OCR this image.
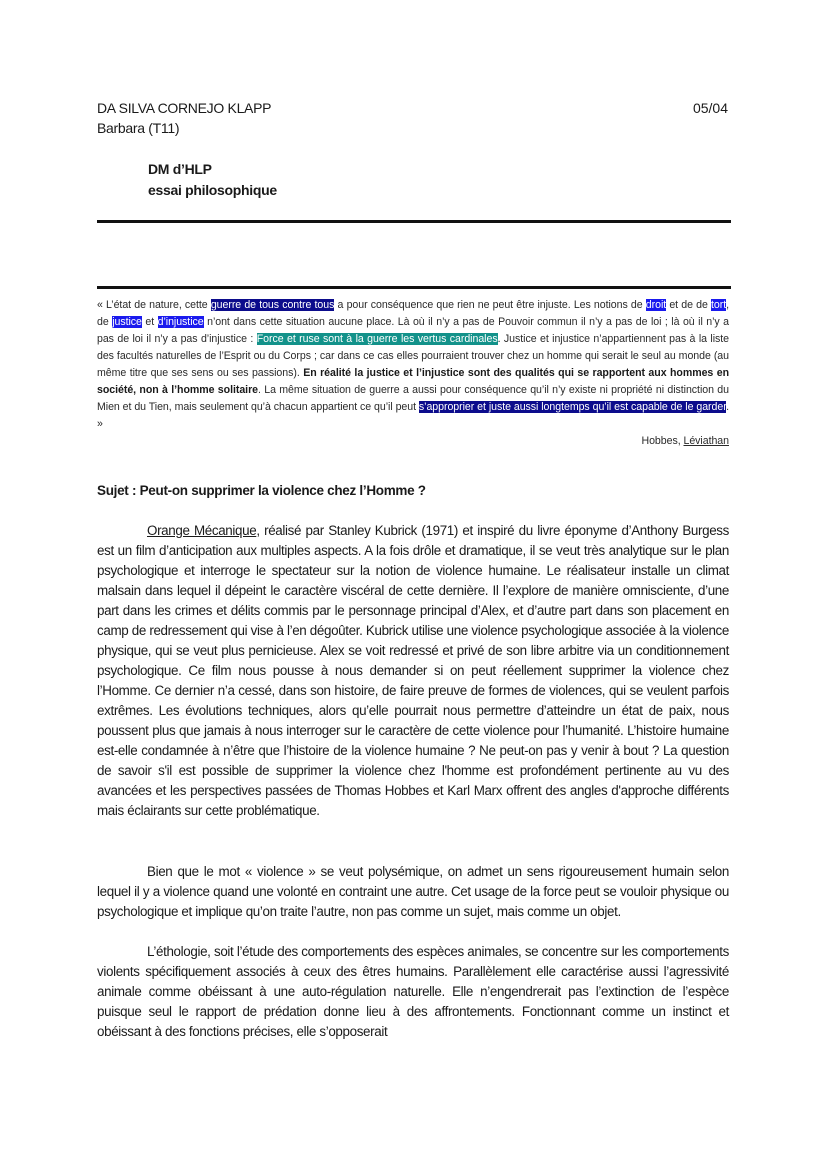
DA SILVA CORNEJO KLAPP
Barbara (T11)
05/04
DM d’HLP
essai philosophique
« L’état de nature, cette guerre de tous contre tous a pour conséquence que rien ne peut être injuste. Les notions de droit et de de tort, de justice et d’injustice n’ont dans cette situation aucune place. Là où il n’y a pas de Pouvoir commun il n’y a pas de loi ; là où il n’y a pas de loi il n’y a pas d’injustice : Force et ruse sont à la guerre les vertus cardinales. Justice et injustice n’appartiennent pas à la liste des facultés naturelles de l’Esprit ou du Corps ; car dans ce cas elles pourraient trouver chez un homme qui serait le seul au monde (au même titre que ses sens ou ses passions). En réalité la justice et l’injustice sont des qualités qui se rapportent aux hommes en société, non à l’homme solitaire. La même situation de guerre a aussi pour conséquence qu’il n’y existe ni propriété ni distinction du Mien et du Tien, mais seulement qu’à chacun appartient ce qu’il peut s’approprier et juste aussi longtemps qu’il est capable de le garder. »
Hobbes, Léviathan
Sujet : Peut-on supprimer la violence chez l’Homme ?

Orange Mécanique, réalisé par Stanley Kubrick (1971) et inspiré du livre éponyme d’Anthony Burgess est un film d’anticipation aux multiples aspects. A la fois drôle et dramatique, il se veut très analytique sur le plan psychologique et interroge le spectateur sur la notion de violence humaine. Le réalisateur installe un climat malsain dans lequel il dépeint le caractère viscéral de cette dernière. Il l’explore de manière omnisciente, d’une part dans les crimes et délits commis par le personnage principal d’Alex, et d’autre part dans son placement en camp de redressement qui vise à l’en dégoûter. Kubrick utilise une violence psychologique associée à la violence physique, qui se veut plus pernicieuse. Alex se voit redressé et privé de son libre arbitre via un conditionnement psychologique. Ce film nous pousse à nous demander si on peut réellement supprimer la violence chez l’Homme. Ce dernier n’a cessé, dans son histoire, de faire preuve de formes de violences, qui se veulent parfois extrêmes. Les évolutions techniques, alors qu’elle pourrait nous permettre d’atteindre un état de paix, nous poussent plus que jamais à nous interroger sur le caractère de cette violence pour l’humanité. L’histoire humaine est-elle condamnée à n’être que l’histoire de la violence humaine ? Ne peut-on pas y venir à bout ? La question de savoir s'il est possible de supprimer la violence chez l'homme est profondément pertinente au vu des avancées et les perspectives passées de Thomas Hobbes et Karl Marx offrent des angles d'approche différents mais éclairants sur cette problématique.

Bien que le mot « violence » se veut polysémique, on admet un sens rigoureusement humain selon lequel il y a violence quand une volonté en contraint une autre. Cet usage de la force peut se vouloir physique ou psychologique et implique qu’on traite l’autre, non pas comme un sujet, mais comme un objet.

L’éthologie, soit l’étude des comportements des espèces animales, se concentre sur les comportements violents spécifiquement associés à ceux des êtres humains. Parallèlement elle caractérise aussi l’agressivité animale comme obéissant à une auto-régulation naturelle. Elle n’engendrerait pas l’extinction de l’espèce puisque seul le rapport de prédation donne lieu à des affrontements. Fonctionnant comme un instinct et obéissant à des fonctions précises, elle s’opposerait
